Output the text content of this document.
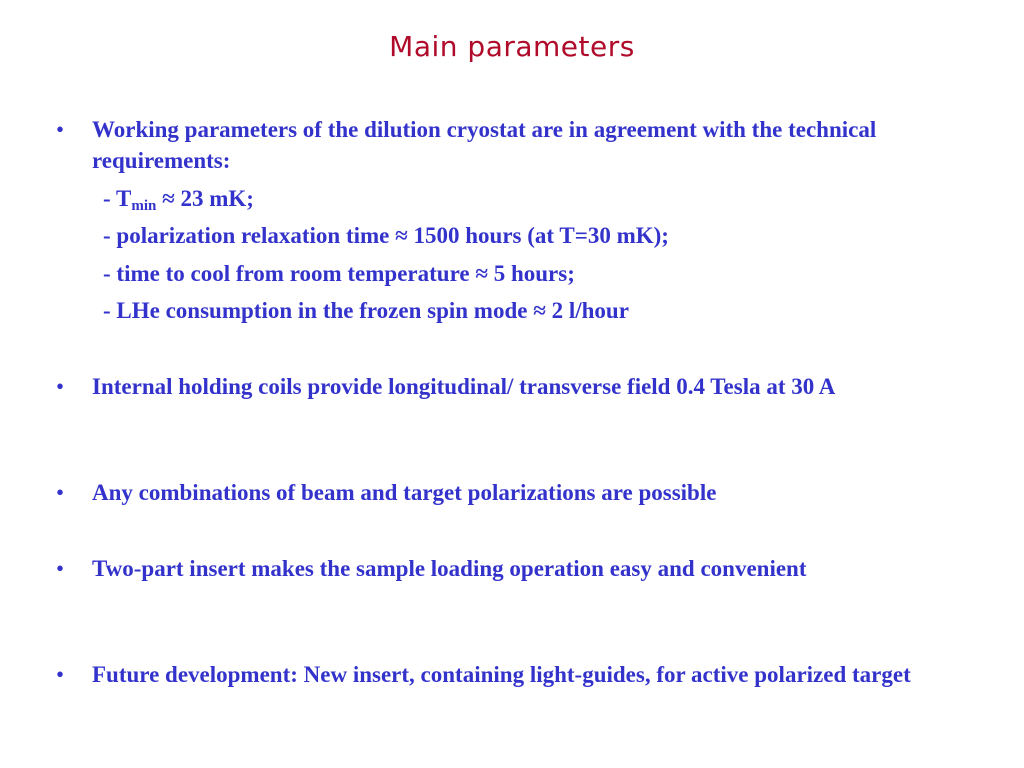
Main parameters
•	Working parameters of the dilution cryostat are in agreement with the technical requirements:
- $T_{min} \approx 23$ mK;
- polarization relaxation time ≈ 1500 hours (at T=30 mK);
- time to cool from room temperature ≈ 5 hours;
- LHe consumption in the frozen spin mode ≈ 2 l/hour
•	Internal holding coils provide longitudinal/ transverse field 0.4 Tesla at 30 A
•	Any combinations of beam and target polarizations are possible
•	Two-part insert makes the sample loading operation easy and convenient
•	Future development: New insert, containing light-guides, for active polarized target
